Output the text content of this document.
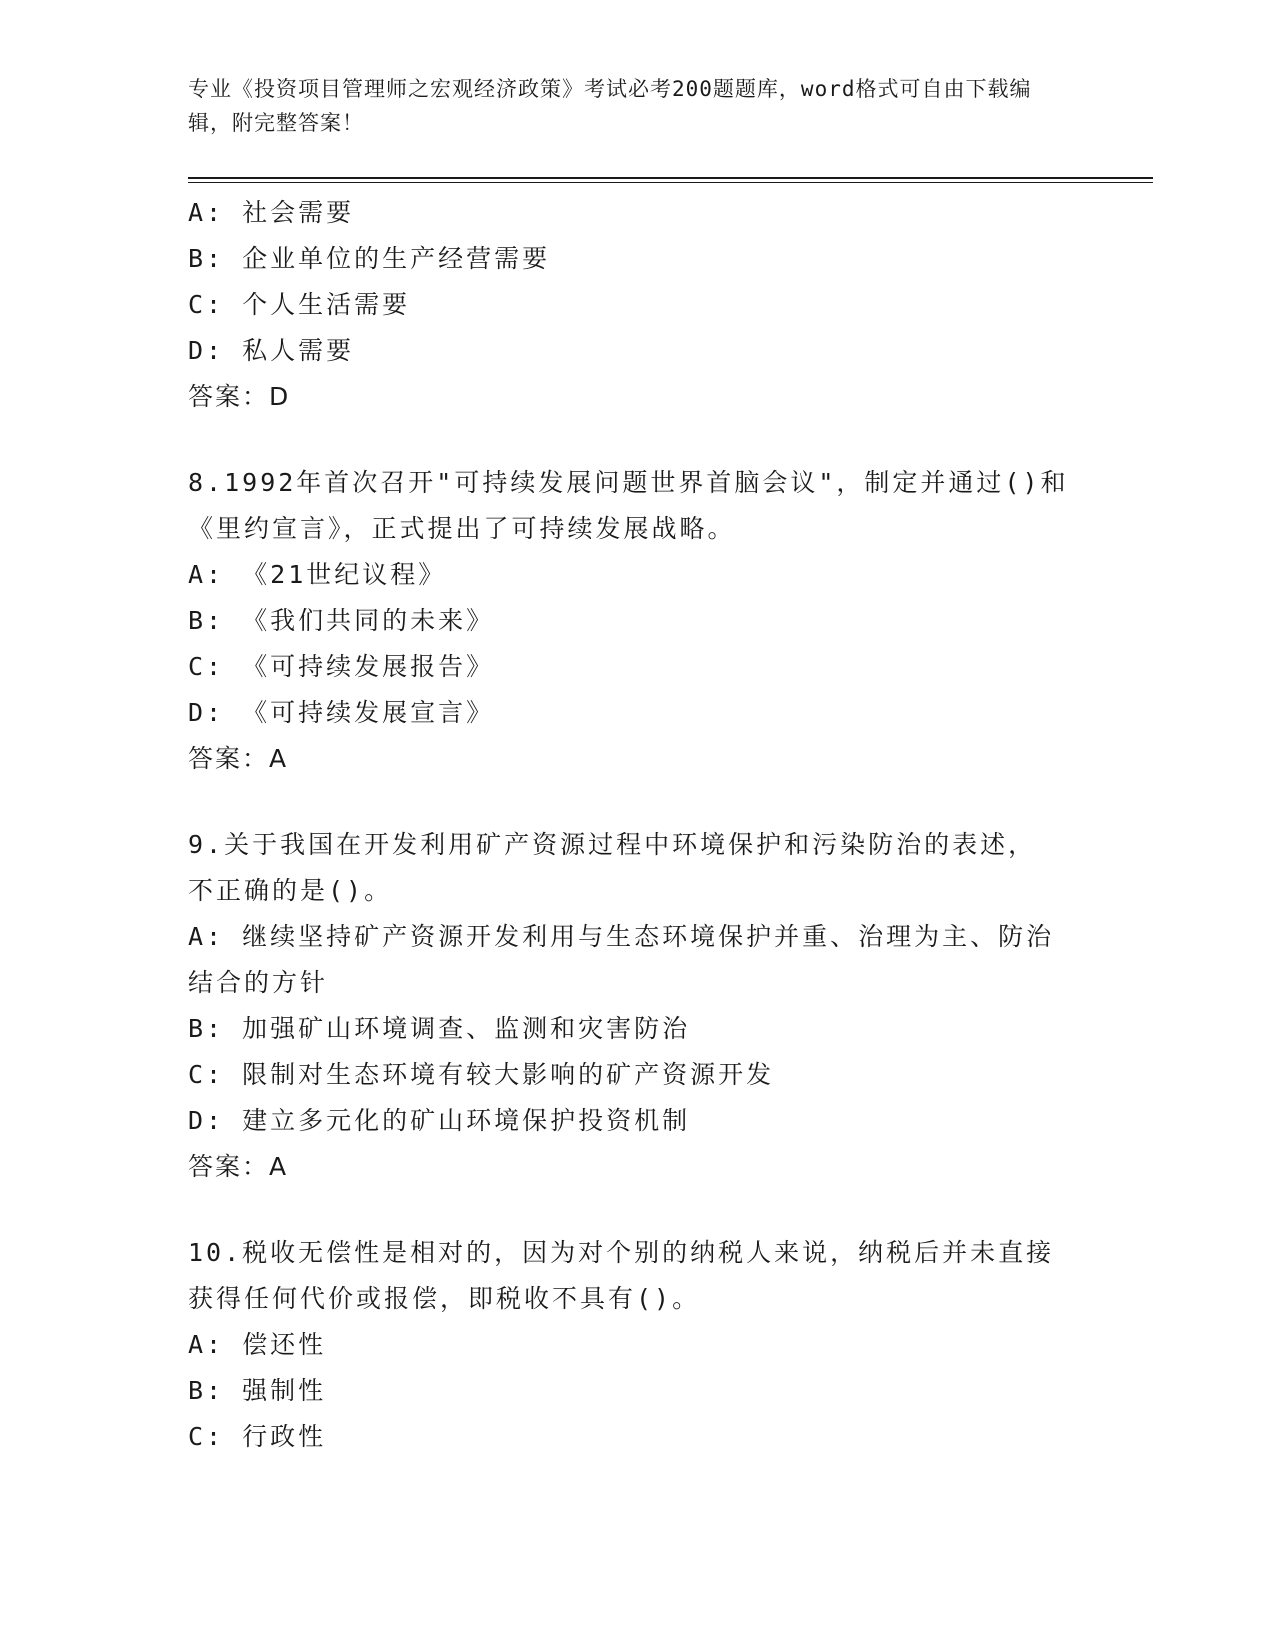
专业《投资项目管理师之宏观经济政策》考试必考200题题库，word格式可自由下载编辑，附完整答案！
A: 社会需要
B: 企业单位的生产经营需要
C: 个人生活需要
D: 私人需要
答案：D
8.1992年首次召开"可持续发展问题世界首脑会议"，制定并通过()和
《里约宣言》，正式提出了可持续发展战略。
A: 《21世纪议程》
B: 《我们共同的未来》
C: 《可持续发展报告》
D: 《可持续发展宣言》
答案：A
9.关于我国在开发利用矿产资源过程中环境保护和污染防治的表述，
不正确的是()。
A: 继续坚持矿产资源开发利用与生态环境保护并重、治理为主、防治
结合的方针
B: 加强矿山环境调查、监测和灾害防治
C: 限制对生态环境有较大影响的矿产资源开发
D: 建立多元化的矿山环境保护投资机制
答案：A
10.税收无偿性是相对的，因为对个别的纳税人来说，纳税后并未直接
获得任何代价或报偿，即税收不具有()。
A: 偿还性
B: 强制性
C: 行政性
